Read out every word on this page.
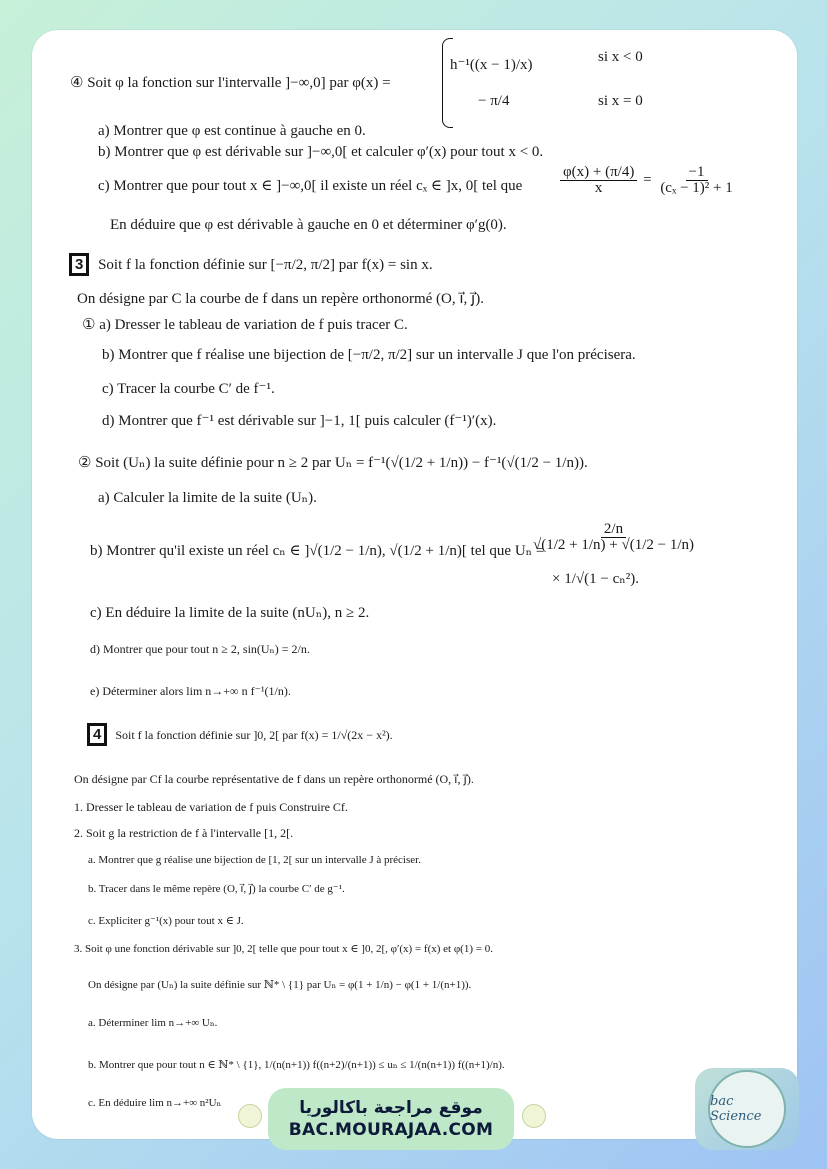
④ Soit φ la fonction sur l'intervalle ]−∞,0] par φ(x) =
h⁻¹((x − 1)/x)	si x < 0
− π/4	si x = 0
a) Montrer que φ est continue à gauche en 0.
b) Montrer que φ est dérivable sur ]−∞,0[ et calculer φ′(x) pour tout x < 0.
c) Montrer que pour tout x ∈ ]−∞,0[ il existe un réel cₓ ∈ ]x, 0[ tel que	$\frac{\varphi(x) + (\pi/4)}{x} = \frac{-1}{\text{(cₓ − 1)² + 1}}$
En déduire que φ est dérivable à gauche en 0 et déterminer φ′g(0).
3 Soit f la fonction définie sur [−π/2, π/2] par f(x) = sin x.
On désigne par C la courbe de f dans un repère orthonormé (O, i⃗, j⃗).
① a) Dresser le tableau de variation de f puis tracer C.
b) Montrer que f réalise une bijection de [−π/2, π/2] sur un intervalle J que l'on précisera.
c) Tracer la courbe C′ de f⁻¹.
d) Montrer que f⁻¹ est dérivable sur ]−1, 1[ puis calculer (f⁻¹)′(x).
② Soit (Uₙ) la suite définie pour n ≥ 2 par Uₙ = f⁻¹(√(1/2 + 1/n)) − f⁻¹(√(1/2 − 1/n)).
a) Calculer la limite de la suite (Uₙ).
b) Montrer qu'il existe un réel cₙ ∈ ]√(1/2 − 1/n), √(1/2 + 1/n)[ tel que Uₙ =
$\frac{2/n}{√(1/2 + 1/n) + √(1/2 - 1/n)}$
× 1/√(1 − cₙ²).
c) En déduire la limite de la suite (nUₙ), n ≥ 2.
d) Montrer que pour tout n ≥ 2, sin(Uₙ) = 2/n.
e) Déterminer alors lim n→+∞ n f⁻¹(1/n).
4 Soit f la fonction définie sur ]0, 2[ par f(x) = 1/√(2x − x²).
On désigne par Cf la courbe représentative de f dans un repère orthonormé (O, i⃗, j⃗).
1. Dresser le tableau de variation de f puis Construire Cf.
2. Soit g la restriction de f à l'intervalle [1, 2[.
a. Montrer que g réalise une bijection de [1, 2[ sur un intervalle J à préciser.
b. Tracer dans le même repère (O, i⃗, j⃗) la courbe C′ de g⁻¹.
c. Expliciter g⁻¹(x) pour tout x ∈ J.
3. Soit φ une fonction dérivable sur ]0, 2[ telle que pour tout x ∈ ]0, 2[, φ′(x) = f(x) et φ(1) = 0.
On désigne par (Uₙ) la suite définie sur ℕ* \ {1} par Uₙ = φ(1 + 1/n) − φ(1 + 1/(n+1)).
a. Déterminer lim n→+∞ Uₙ.
b. Montrer que pour tout n ∈ ℕ* \ {1}, 1/(n(n+1)) f((n+2)/(n+1)) ≤ uₙ ≤ 1/(n(n+1)) f((n+1)/n).
c. En déduire lim n→+∞ n²Uₙ	موقع مراجعة باكالوريا
BAC.MOURAJAA.COM
bac Science
